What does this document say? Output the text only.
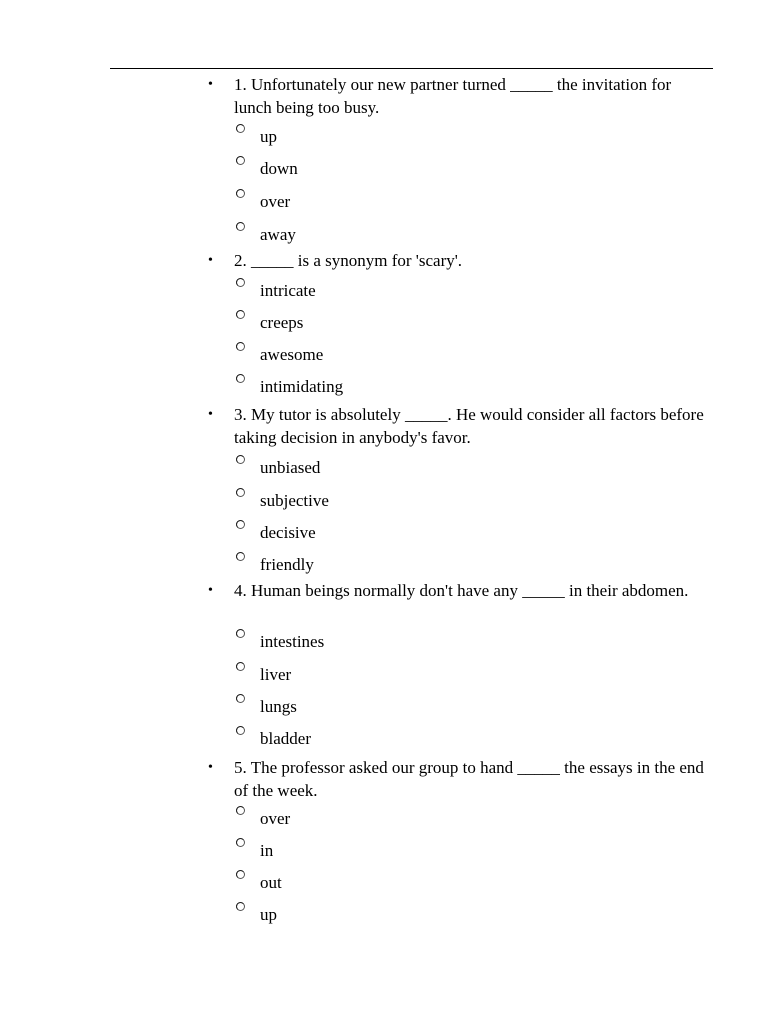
•	1. Unfortunately our new partner turned _____ the invitation for lunch being too busy.
up
down
over
away
•	2. _____ is a synonym for 'scary'.
intricate
creeps
awesome
intimidating
•	3. My tutor is absolutely _____. He would consider all factors before taking decision in anybody's favor.
unbiased
subjective
decisive
friendly
•	4. Human beings normally don't have any _____ in their abdomen.
intestines
liver
lungs
bladder
•	5. The professor asked our group to hand _____ the essays in the end of the week.
over
in
out
up
